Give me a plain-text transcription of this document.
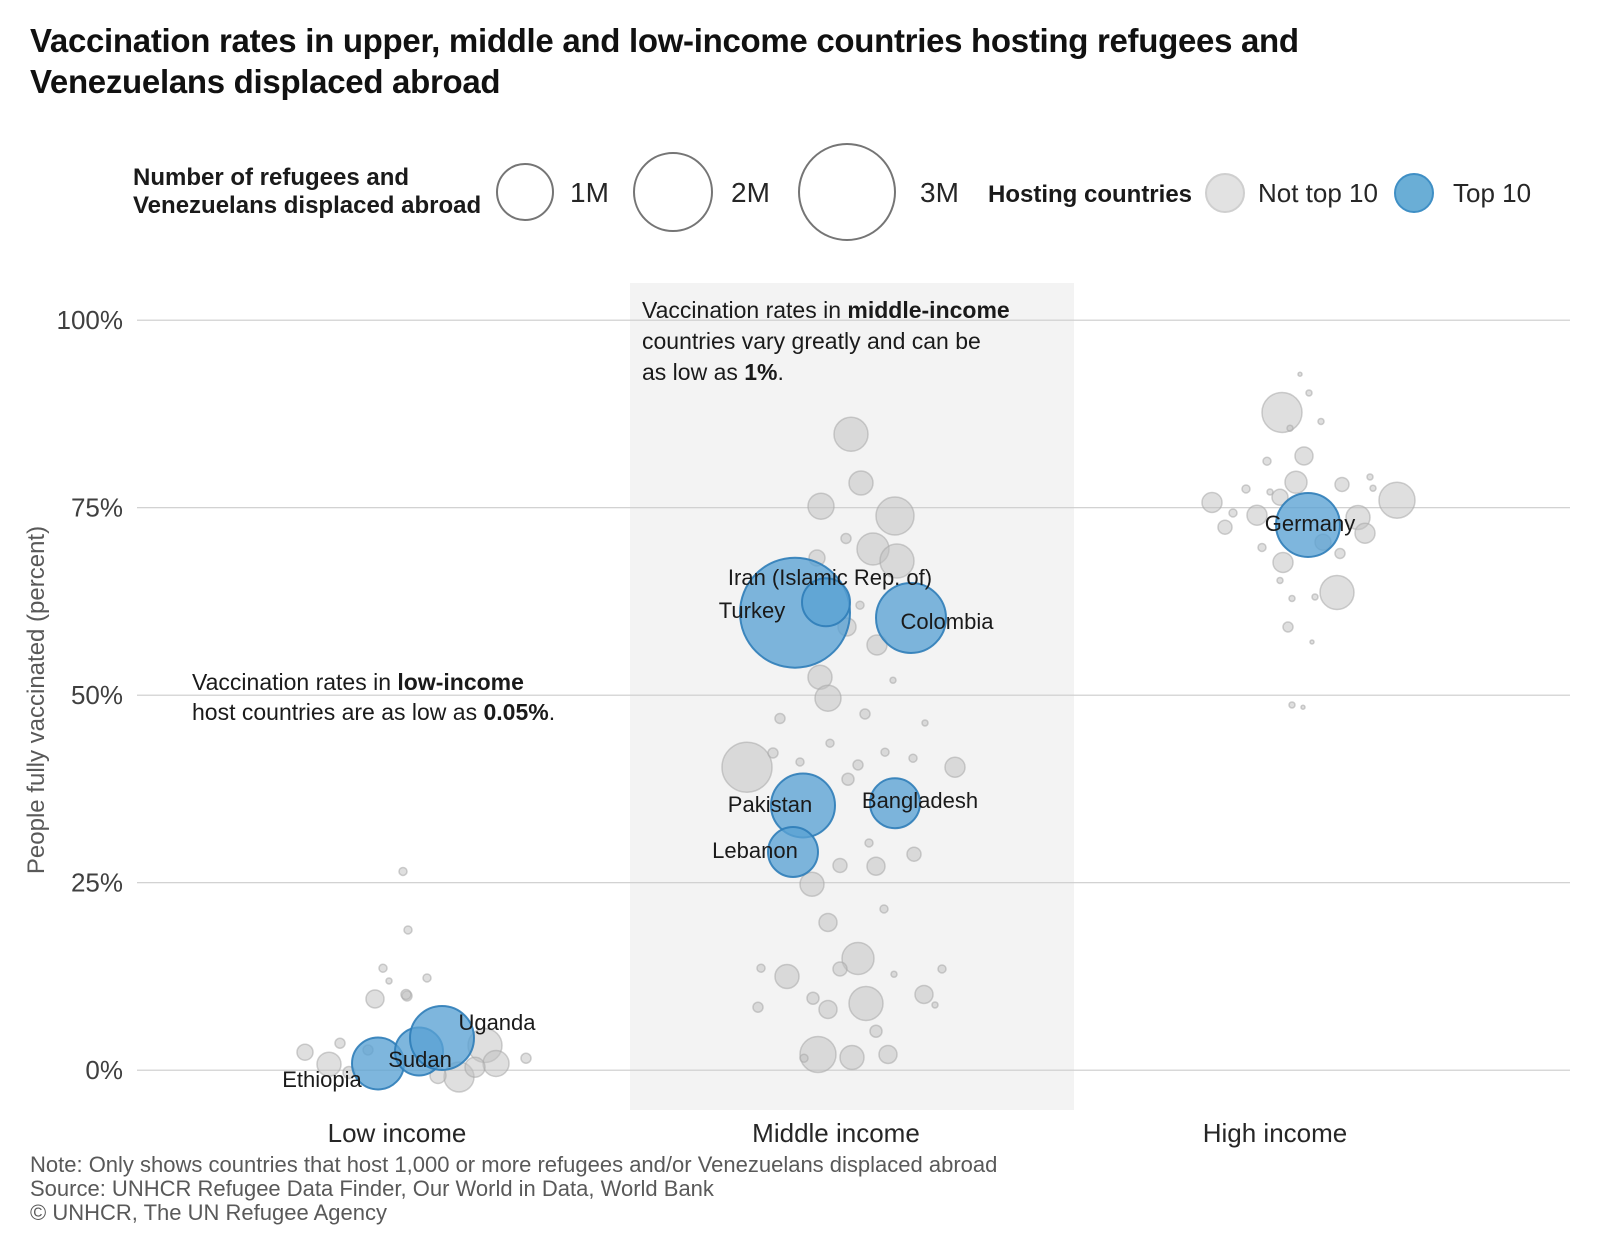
Vaccination rates in upper, middle and low-income countries hosting refugees and Venezuelans displaced abroad
0%
25%
50%
75%
100%
People fully vaccinated (percent)
Ethiopia
Sudan
Uganda
Turkey
Iran (Islamic Rep. of)
Colombia
Pakistan Bangladesh
Lebanon
Germany
Vaccination rates in middle-income
countries vary greatly and can be
as low as 1%.
Vaccination rates in low-income
host countries are as low as 0.05%.
Low income	Middle income	High income
Number of refugees and
Venezuelans displaced abroad	1M	2M	3M Hosting countries	Not top 10	Top 10
Note: Only shows countries that host 1,000 or more refugees and/or Venezuelans displaced abroad
Source: UNHCR Refugee Data Finder, Our World in Data, World Bank
© UNHCR, The UN Refugee Agency
